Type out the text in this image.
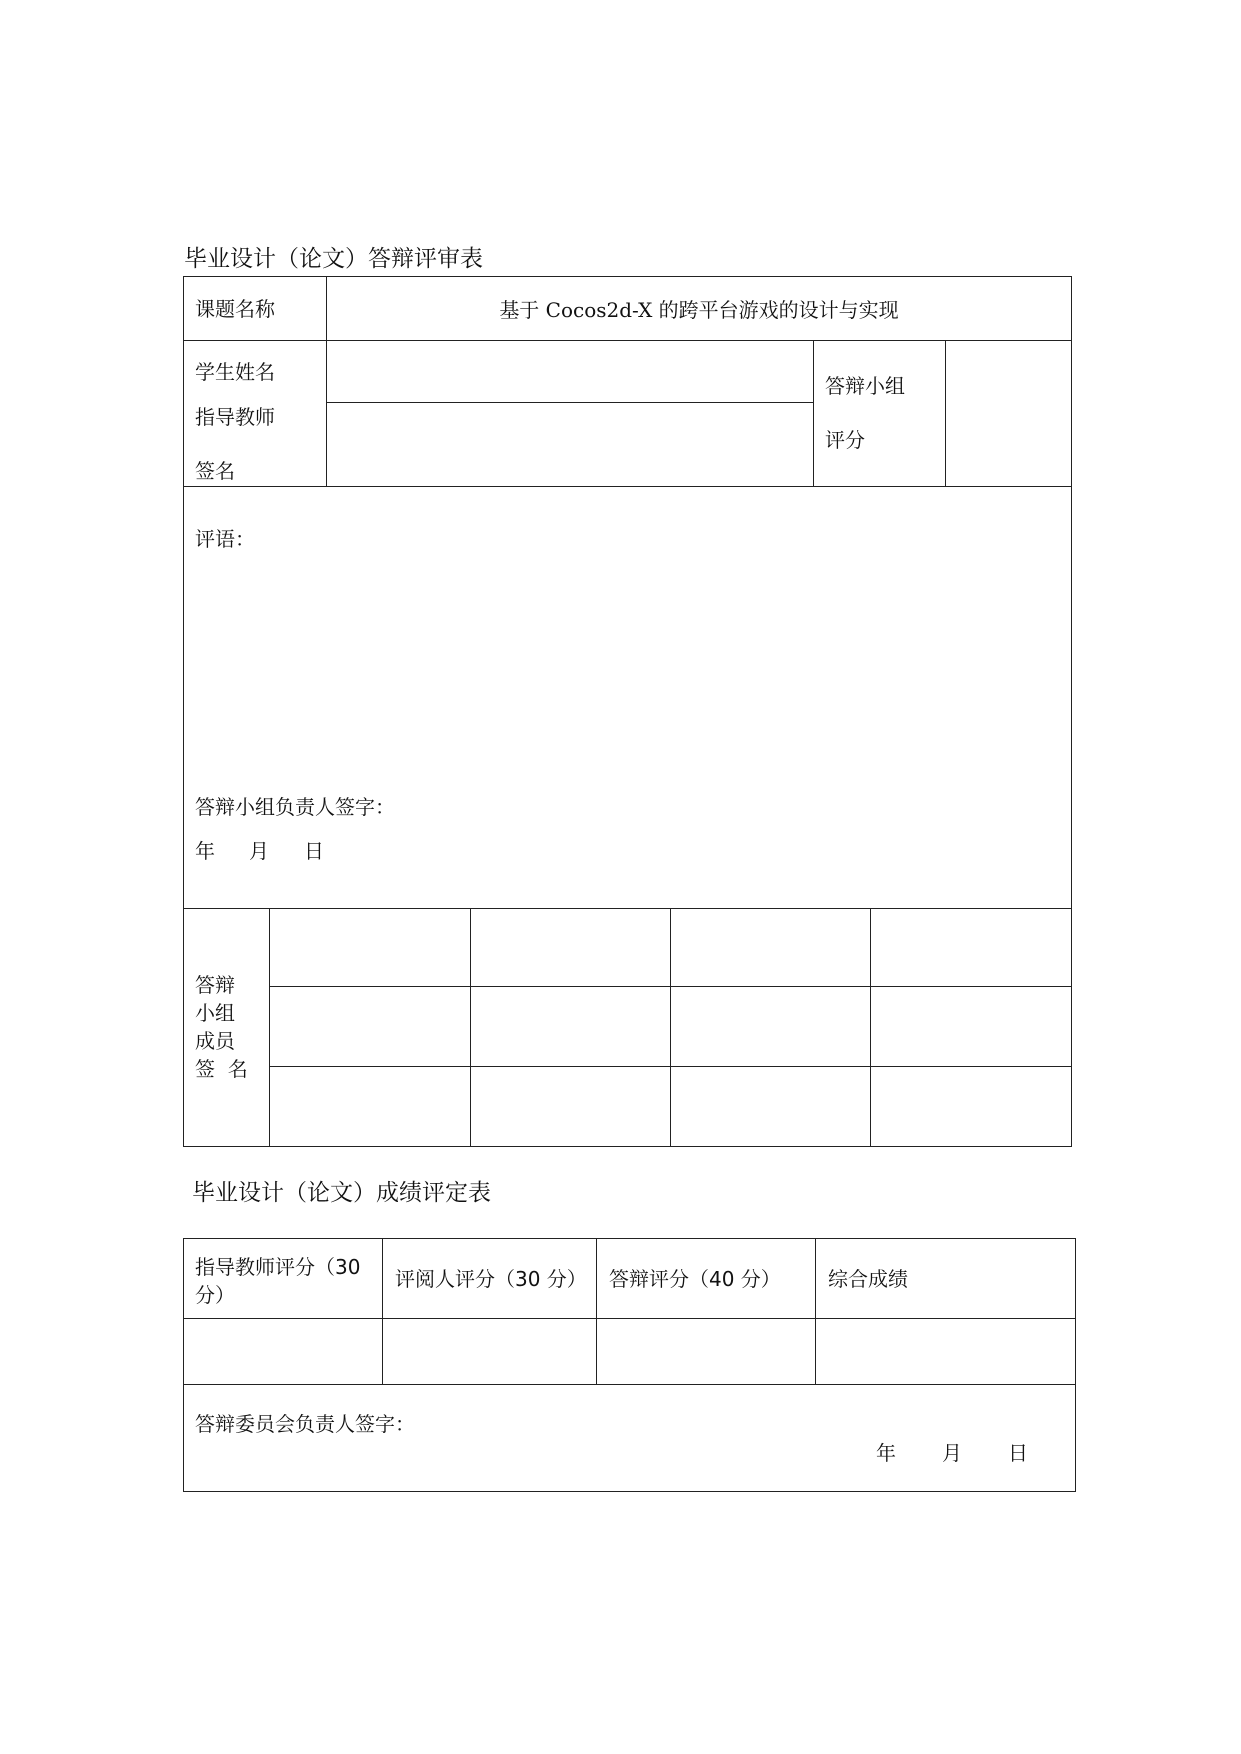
毕业设计（论文）答辩评审表
课题名称	基于 Cocos2d-X 的跨平台游戏的设计与实现
学生姓名
指导教师
签名
答辩小组
评分
评语：
答辩小组负责人签字：
年 月 日
答辩
小组
成员
签  名
毕业设计（论文）成绩评定表
指导教师评分（30 分）
评阅人评分（30 分） 答辩评分（40 分） 综合成绩
答辩委员会负责人签字：
年 月 日
